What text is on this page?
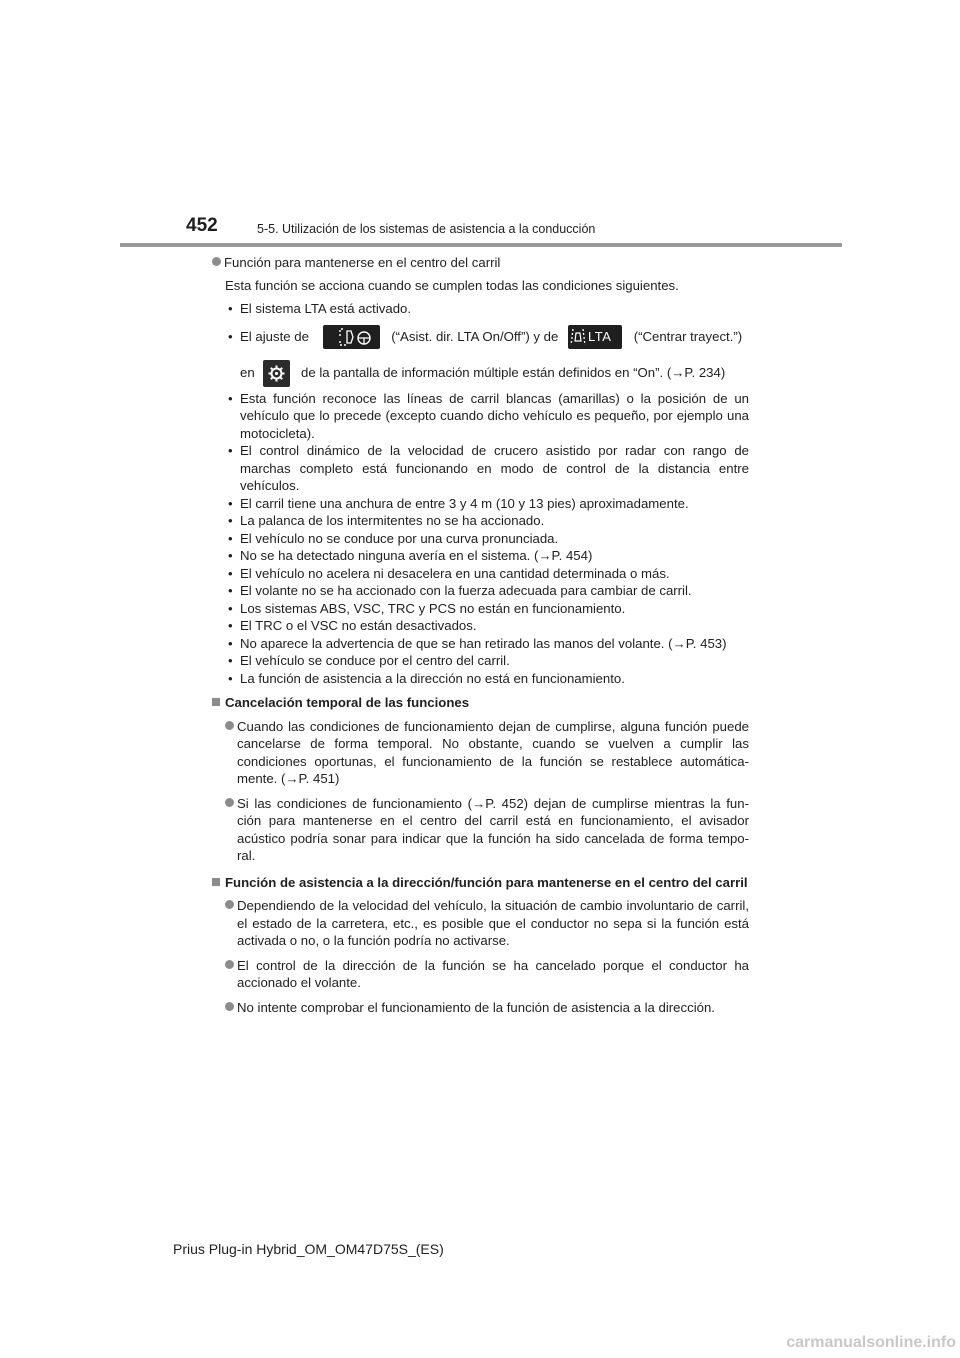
452	5-5. Utilización de los sistemas de asistencia a la conducción
Función para mantenerse en el centro del carril
Esta función se acciona cuando se cumplen todas las condiciones siguientes.
• El sistema LTA está activado.
• El ajuste de	(“Asist. dir. LTA On/Off”) y de LTA (“Centrar trayect.”)
en	de la pantalla de información múltiple están definidos en “On”. (→P. 234)
• Esta función reconoce las líneas de carril blancas (amarillas) o la posición de un vehículo que lo precede (excepto cuando dicho vehículo es pequeño, por ejemplo una motocicleta).
• El control dinámico de la velocidad de crucero asistido por radar con rango de marchas completo está funcionando en modo de control de la distancia entre vehículos.
• El carril tiene una anchura de entre 3 y 4 m (10 y 13 pies) aproximadamente.
• La palanca de los intermitentes no se ha accionado.
• El vehículo no se conduce por una curva pronunciada.
• No se ha detectado ninguna avería en el sistema. (→P. 454)
• El vehículo no acelera ni desacelera en una cantidad determinada o más.
• El volante no se ha accionado con la fuerza adecuada para cambiar de carril.
• Los sistemas ABS, VSC, TRC y PCS no están en funcionamiento.
• El TRC o el VSC no están desactivados.
• No aparece la advertencia de que se han retirado las manos del volante. (→P. 453)
• El vehículo se conduce por el centro del carril.
• La función de asistencia a la dirección no está en funcionamiento.
Cancelación temporal de las funciones
Cuando las condiciones de funcionamiento dejan de cumplirse, alguna función puede cancelarse de forma temporal. No obstante, cuando se vuelven a cumplir las condiciones oportunas, el funcionamiento de la función se restablece automática-mente. (→P. 451)
Si las condiciones de funcionamiento (→P. 452) dejan de cumplirse mientras la fun-ción para mantenerse en el centro del carril está en funcionamiento, el avisador acústico podría sonar para indicar que la función ha sido cancelada de forma tempo-ral.
Función de asistencia a la dirección/función para mantenerse en el centro del carril
Dependiendo de la velocidad del vehículo, la situación de cambio involuntario de carril, el estado de la carretera, etc., es posible que el conductor no sepa si la función está activada o no, o la función podría no activarse.
El control de la dirección de la función se ha cancelado porque el conductor ha accionado el volante.
No intente comprobar el funcionamiento de la función de asistencia a la dirección.
Prius Plug-in Hybrid_OM_OM47D75S_(ES)
carmanualsonline.info
